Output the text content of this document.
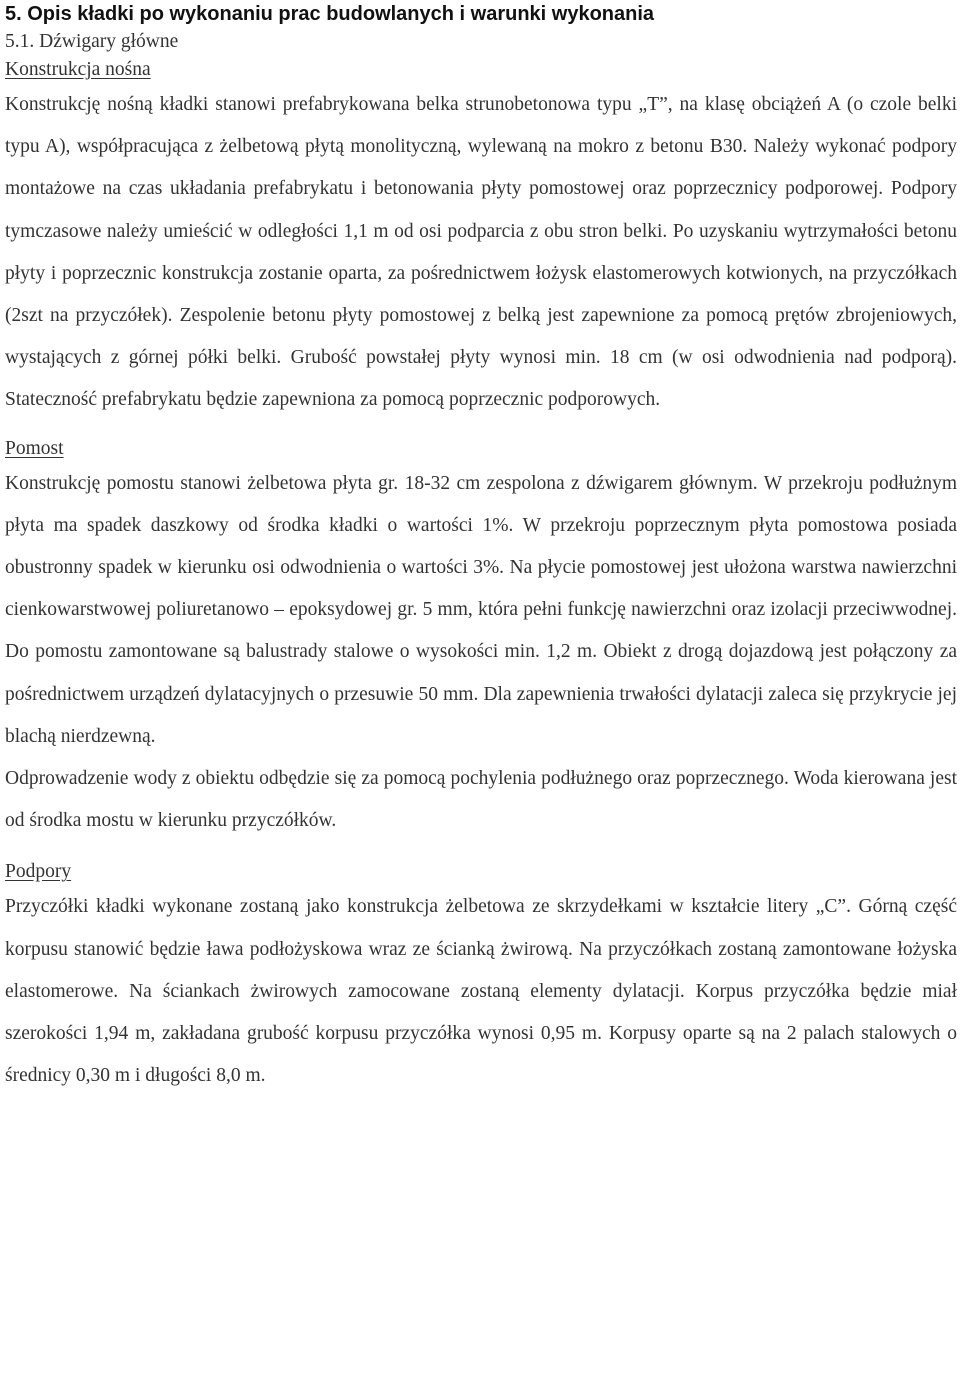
5. Opis kładki po wykonaniu prac budowlanych i warunki wykonania
5.1. Dźwigary główne
Konstrukcja nośna

Konstrukcję nośną kładki stanowi prefabrykowana belka strunobetonowa typu „T”, na klasę obciążeń A (o czole belki typu A), współpracująca z żelbetową płytą monolityczną, wylewaną na mokro z betonu B30. Należy wykonać podpory montażowe na czas układania prefabrykatu i betonowania płyty pomostowej oraz poprzecznicy podporowej. Podpory tymczasowe należy umieścić w odległości 1,1 m od osi podparcia z obu stron belki. Po uzyskaniu wytrzymałości betonu płyty i poprzecznic konstrukcja zostanie oparta, za pośrednictwem łożysk elastomerowych kotwionych, na przyczółkach (2szt na przyczółek). Zespolenie betonu płyty pomostowej z belką jest zapewnione za pomocą prętów zbrojeniowych, wystających z górnej półki belki. Grubość powstałej płyty wynosi min. 18 cm (w osi odwodnienia nad podporą). Stateczność prefabrykatu będzie zapewniona za pomocą poprzecznic podporowych.

Pomost

Konstrukcję pomostu stanowi żelbetowa płyta gr. 18-32 cm zespolona z dźwigarem głównym. W przekroju podłużnym płyta ma spadek daszkowy od środka kładki o wartości 1%. W przekroju poprzecznym płyta pomostowa posiada obustronny spadek w kierunku osi odwodnienia o wartości 3%. Na płycie pomostowej jest ułożona warstwa nawierzchni cienkowarstwowej poliuretanowo – epoksydowej gr. 5 mm, która pełni funkcję nawierzchni oraz izolacji przeciwwodnej. Do pomostu zamontowane są balustrady stalowe o wysokości min. 1,2 m. Obiekt z drogą dojazdową jest połączony za pośrednictwem urządzeń dylatacyjnych o przesuwie 50 mm. Dla zapewnienia trwałości dylatacji zaleca się przykrycie jej blachą nierdzewną.

Odprowadzenie wody z obiektu odbędzie się za pomocą pochylenia podłużnego oraz poprzecznego. Woda kierowana jest od środka mostu w kierunku przyczółków.

Podpory

Przyczółki kładki wykonane zostaną jako konstrukcja żelbetowa ze skrzydełkami w kształcie litery „C”. Górną część korpusu stanowić będzie ława podłożyskowa wraz ze ścianką żwirową. Na przyczółkach zostaną zamontowane łożyska elastomerowe. Na ściankach żwirowych zamocowane zostaną elementy dylatacji. Korpus przyczółka będzie miał szerokości 1,94 m, zakładana grubość korpusu przyczółka wynosi 0,95 m. Korpusy oparte są na 2 palach stalowych o średnicy 0,30 m i długości 8,0 m.
